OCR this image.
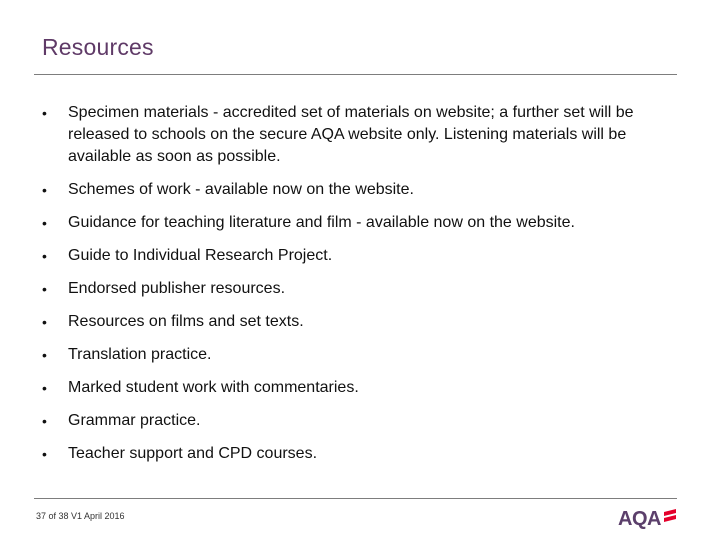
Resources
• Specimen materials - accredited set of materials on website; a further set will be released to schools on the secure AQA website only. Listening materials will be available as soon as possible.
• Schemes of work - available now on the website.
• Guidance for teaching literature and film - available now on the website.
• Guide to Individual Research Project.
• Endorsed publisher resources.
• Resources on films and set texts.
• Translation practice.
• Marked student work with commentaries.
• Grammar practice.
• Teacher support and CPD courses.
37 of 38 V1 April 2016	AQA
